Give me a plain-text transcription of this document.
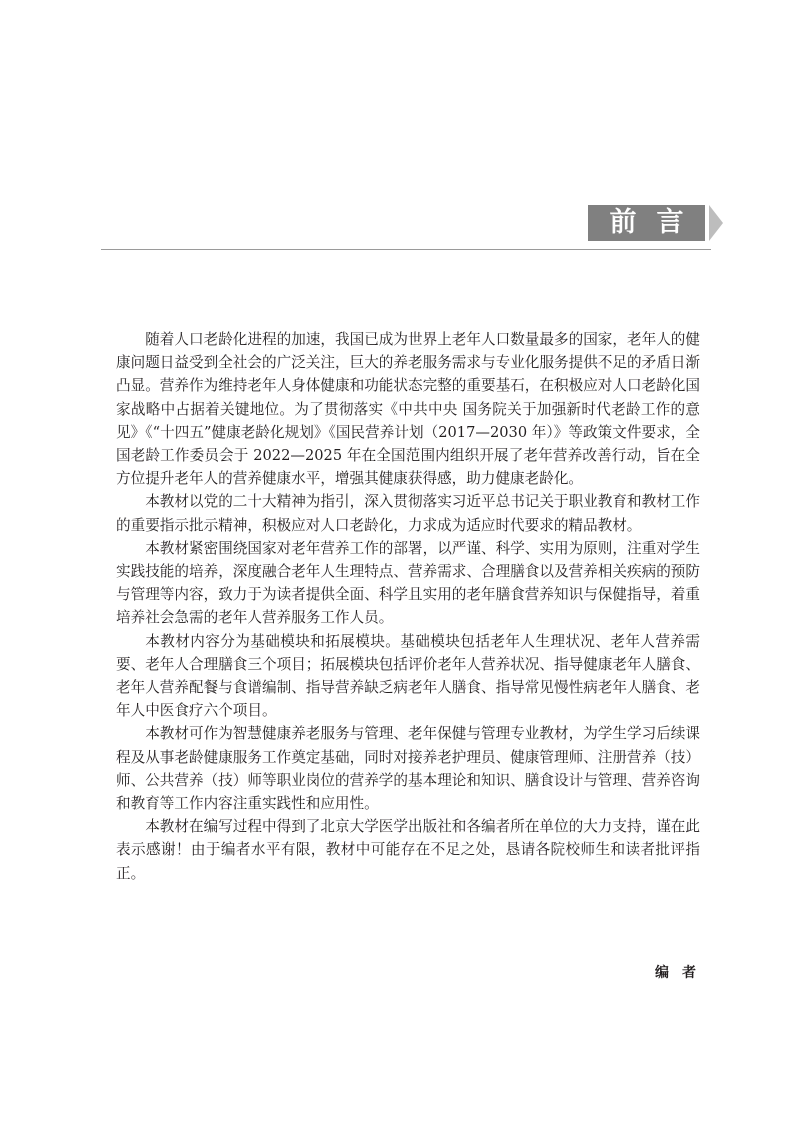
前言

随着人口老龄化进程的加速，我国已成为世界上老年人口数量最多的国家，老年人的健康问题日益受到全社会的广泛关注，巨大的养老服务需求与专业化服务提供不足的矛盾日渐凸显。营养作为维持老年人身体健康和功能状态完整的重要基石，在积极应对人口老龄化国家战略中占据着关键地位。为了贯彻落实《中共中央 国务院关于加强新时代老龄工作的意见》《“十四五”健康老龄化规划》《国民营养计划（2017—2030 年）》等政策文件要求，全国老龄工作委员会于 2022—2025 年在全国范围内组织开展了老年营养改善行动，旨在全方位提升老年人的营养健康水平，增强其健康获得感，助力健康老龄化。

本教材以党的二十大精神为指引，深入贯彻落实习近平总书记关于职业教育和教材工作的重要指示批示精神，积极应对人口老龄化，力求成为适应时代要求的精品教材。

本教材紧密围绕国家对老年营养工作的部署，以严谨、科学、实用为原则，注重对学生实践技能的培养，深度融合老年人生理特点、营养需求、合理膳食以及营养相关疾病的预防与管理等内容，致力于为读者提供全面、科学且实用的老年膳食营养知识与保健指导，着重培养社会急需的老年人营养服务工作人员。

本教材内容分为基础模块和拓展模块。基础模块包括老年人生理状况、老年人营养需要、老年人合理膳食三个项目；拓展模块包括评价老年人营养状况、指导健康老年人膳食、老年人营养配餐与食谱编制、指导营养缺乏病老年人膳食、指导常见慢性病老年人膳食、老年人中医食疗六个项目。

本教材可作为智慧健康养老服务与管理、老年保健与管理专业教材，为学生学习后续课程及从事老龄健康服务工作奠定基础，同时对接养老护理员、健康管理师、注册营养（技）师、公共营养（技）师等职业岗位的营养学的基本理论和知识、膳食设计与管理、营养咨询和教育等工作内容注重实践性和应用性。

本教材在编写过程中得到了北京大学医学出版社和各编者所在单位的大力支持，谨在此表示感谢！由于编者水平有限，教材中可能存在不足之处，恳请各院校师生和读者批评指正。

编者
